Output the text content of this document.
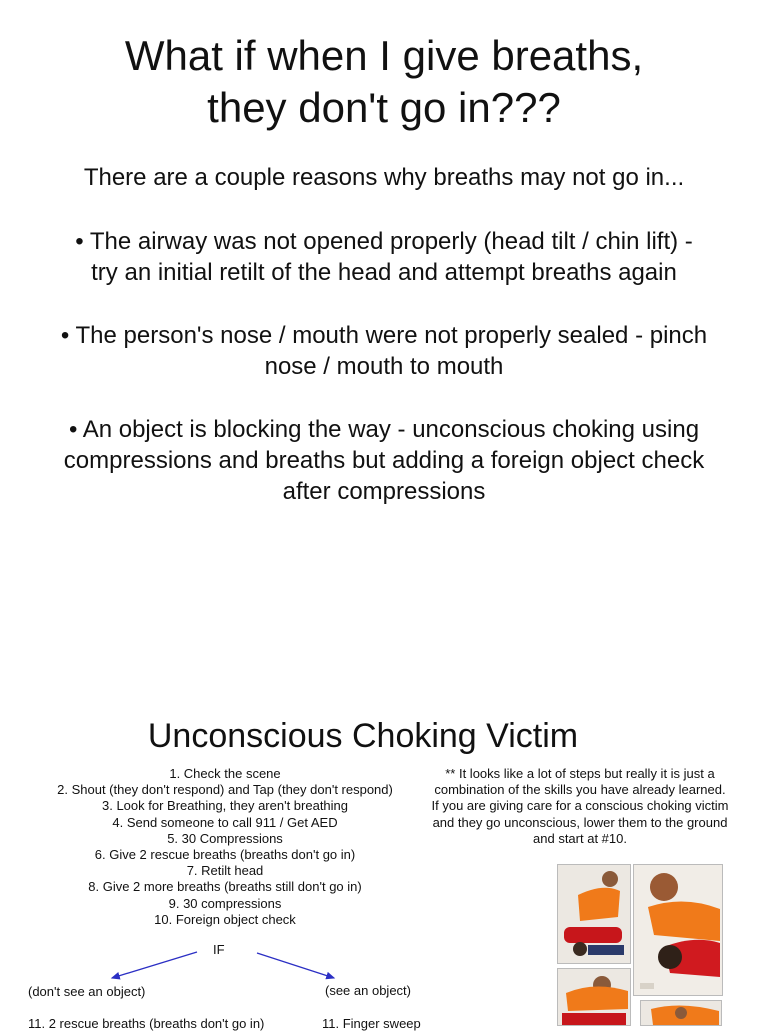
What if when I give breaths,
they don't go in???

There are a couple reasons why breaths may not go in...

• The airway was not opened properly (head tilt / chin lift) - try an initial retilt of the head and attempt breaths again

• The person's nose / mouth were not properly sealed - pinch nose / mouth to mouth

• An object is blocking the way - unconscious choking using compressions and breaths but adding a foreign object check after compressions

Unconscious Choking Victim
1. Check the scene
2. Shout (they don't respond) and Tap (they don't respond)
3. Look for Breathing, they aren't breathing
4. Send someone to call 911 / Get AED
5. 30 Compressions
6. Give 2 rescue breaths (breaths don't go in)
7. Retilt head
8. Give 2 more breaths (breaths still don't go in)
9. 30 compressions
10. Foreign object check
** It looks like a lot of steps but really it is just a combination of the skills you have already learned. If you are giving care for a conscious choking victim and they go unconscious, lower them to the ground and start at #10.
IF
(don't see an object)	(see an object)
11. 2 rescue breaths (breaths don't go in)	11. Finger sweep
